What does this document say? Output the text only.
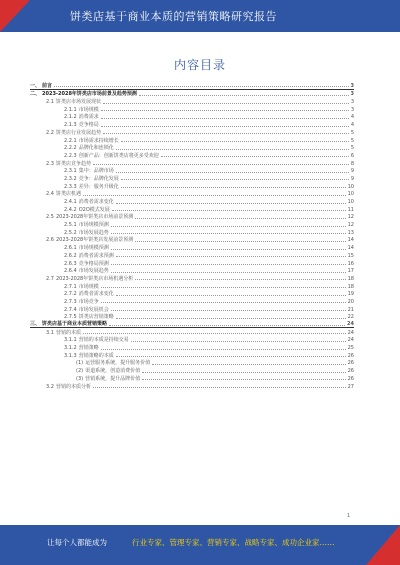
饼类店基于商业本质的营销策略研究报告
内容目录
一、 前言	3
二、 2023-2028年饼类店市场前景及趋势预测	3
2.1 饼类店市场发展现状	3
2.1.1 市场规模	3
2.1.2 消费需求	4
2.1.3 竞争格局	4
2.2 饼类店行业发展趋势	5
2.2.1 市场需求持续增长	5
2.2.2 品牌化和连锁化	5
2.2.3 创新产品：创新饼类店将更多受欢迎	6
2.3 饼类店竞争趋势	8
2.3.1 集中：品牌市场	9
2.3.2 竞争：品牌化发展	9
2.3.3 差异：服务升级化	10
2.4 饼类店机遇	10
2.4.1 消费者需求变化	10
2.4.2 O2O模式发展	11
2.5 2023-2028年饼类店市场前景预测	12
2.5.1 市场规模预测	12
2.5.2 市场发展趋势	13
2.6 2023-2028年饼类店发展前景预测	14
2.6.1 市场规模预测	14
2.6.2 消费者需求预测	15
2.6.3 竞争格局预测	16
2.6.4 市场发展趋势	17
2.7 2023-2028年饼类店市场机遇分析	18
2.7.1 市场规模	18
2.7.2 消费者需求变化	19
2.7.3 市场竞争	20
2.7.4 市场发展机会	21
2.7.5 饼类店营销策略	22
三、 饼类店基于商业本质营销策略	24
3.1 营销的本质	24
3.1.1 营销的本质是持续交易	24
3.1.2 营销策略	25
3.1.3 营销策略的本质	26
(1) 运营服务系统，提升服务价值	26
(2) 渠道系统，创造消费价值	26
(3) 营销系统，提升品牌价值	26
3.2 营销的本质分析	27
1
让每个人都能成为	行业专家、管理专家、营销专家、战略专家、成功企业家……
